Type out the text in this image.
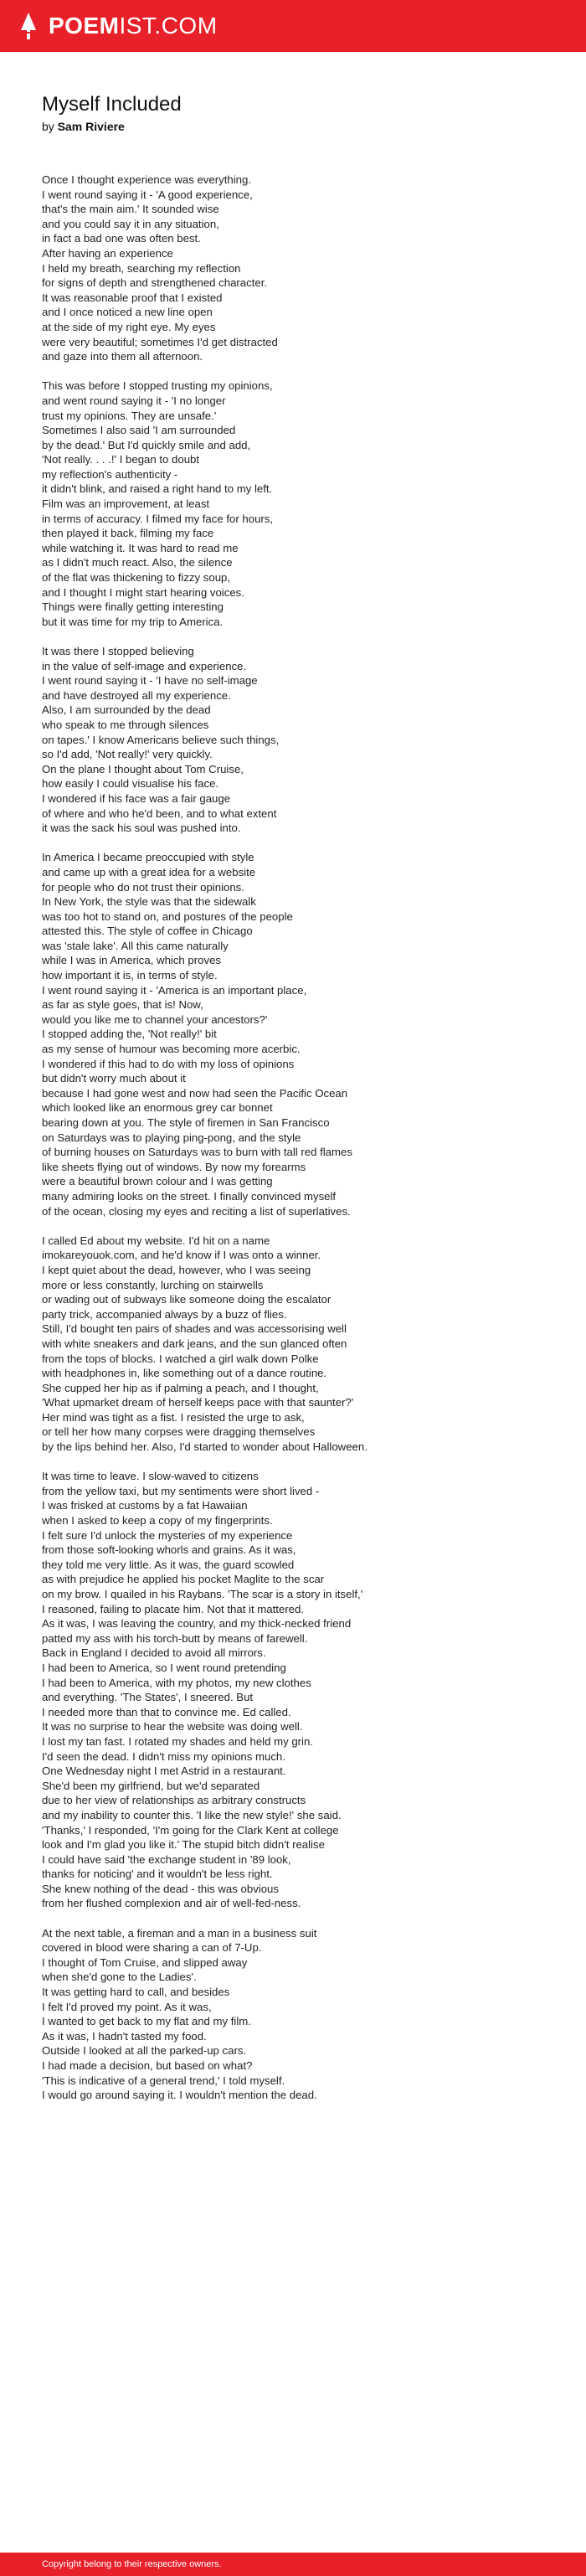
POEMIST.COM
Myself Included
by Sam Riviere
Once I thought experience was everything.
I went round saying it - 'A good experience,
that's the main aim.' It sounded wise
and you could say it in any situation,
in fact a bad one was often best.
After having an experience
I held my breath, searching my reflection
for signs of depth and strengthened character.
It was reasonable proof that I existed
and I once noticed a new line open
at the side of my right eye. My eyes
were very beautiful; sometimes I'd get distracted
and gaze into them all afternoon.
This was before I stopped trusting my opinions,
and went round saying it - 'I no longer
trust my opinions. They are unsafe.'
Sometimes I also said 'I am surrounded
by the dead.' But I'd quickly smile and add,
'Not really. . . .!' I began to doubt
my reflection's authenticity -
it didn't blink, and raised a right hand to my left.
Film was an improvement, at least
in terms of accuracy. I filmed my face for hours,
then played it back, filming my face
while watching it. It was hard to read me
as I didn't much react. Also, the silence
of the flat was thickening to fizzy soup,
and I thought I might start hearing voices.
Things were finally getting interesting
but it was time for my trip to America.
It was there I stopped believing
in the value of self-image and experience.
I went round saying it - 'I have no self-image
and have destroyed all my experience.
Also, I am surrounded by the dead
who speak to me through silences
on tapes.' I know Americans believe such things,
so I'd add, 'Not really!' very quickly.
On the plane I thought about Tom Cruise,
how easily I could visualise his face.
I wondered if his face was a fair gauge
of where and who he'd been, and to what extent
it was the sack his soul was pushed into.
In America I became preoccupied with style
and came up with a great idea for a website
for people who do not trust their opinions.
In New York, the style was that the sidewalk
was too hot to stand on, and postures of the people
attested this. The style of coffee in Chicago
was 'stale lake'. All this came naturally
while I was in America, which proves
how important it is, in terms of style.
I went round saying it - 'America is an important place,
as far as style goes, that is! Now,
would you like me to channel your ancestors?'
I stopped adding the, 'Not really!' bit
as my sense of humour was becoming more acerbic.
I wondered if this had to do with my loss of opinions
but didn't worry much about it
because I had gone west and now had seen the Pacific Ocean
which looked like an enormous grey car bonnet
bearing down at you. The style of firemen in San Francisco
on Saturdays was to playing ping-pong, and the style
of burning houses on Saturdays was to burn with tall red flames
like sheets flying out of windows. By now my forearms
were a beautiful brown colour and I was getting
many admiring looks on the street. I finally convinced myself
of the ocean, closing my eyes and reciting a list of superlatives.
I called Ed about my website. I'd hit on a name
imokareyouok.com, and he'd know if I was onto a winner.
I kept quiet about the dead, however, who I was seeing
more or less constantly, lurching on stairwells
or wading out of subways like someone doing the escalator
party trick, accompanied always by a buzz of flies.
Still, I'd bought ten pairs of shades and was accessorising well
with white sneakers and dark jeans, and the sun glanced often
from the tops of blocks. I watched a girl walk down Polke
with headphones in, like something out of a dance routine.
She cupped her hip as if palming a peach, and I thought,
'What upmarket dream of herself keeps pace with that saunter?'
Her mind was tight as a fist. I resisted the urge to ask,
or tell her how many corpses were dragging themselves
by the lips behind her. Also, I'd started to wonder about Halloween.
It was time to leave. I slow-waved to citizens
from the yellow taxi, but my sentiments were short lived -
I was frisked at customs by a fat Hawaiian
when I asked to keep a copy of my fingerprints.
I felt sure I'd unlock the mysteries of my experience
from those soft-looking whorls and grains. As it was,
they told me very little. As it was, the guard scowled
as with prejudice he applied his pocket Maglite to the scar
on my brow. I quailed in his Raybans. 'The scar is a story in itself,'
I reasoned, failing to placate him. Not that it mattered.
As it was, I was leaving the country, and my thick-necked friend
patted my ass with his torch-butt by means of farewell.
Back in England I decided to avoid all mirrors.
I had been to America, so I went round pretending
I had been to America, with my photos, my new clothes
and everything. 'The States', I sneered. But
I needed more than that to convince me. Ed called.
It was no surprise to hear the website was doing well.
I lost my tan fast. I rotated my shades and held my grin.
I'd seen the dead. I didn't miss my opinions much.
One Wednesday night I met Astrid in a restaurant.
She'd been my girlfriend, but we'd separated
due to her view of relationships as arbitrary constructs
and my inability to counter this. 'I like the new style!' she said.
'Thanks,' I responded, 'I'm going for the Clark Kent at college
look and I'm glad you like it.' The stupid bitch didn't realise
I could have said 'the exchange student in '89 look,
thanks for noticing' and it wouldn't be less right.
She knew nothing of the dead - this was obvious
from her flushed complexion and air of well-fed-ness.
At the next table, a fireman and a man in a business suit
covered in blood were sharing a can of 7-Up.
I thought of Tom Cruise, and slipped away
when she'd gone to the Ladies'.
It was getting hard to call, and besides
I felt I'd proved my point. As it was,
I wanted to get back to my flat and my film.
As it was, I hadn't tasted my food.
Outside I looked at all the parked-up cars.
I had made a decision, but based on what?
'This is indicative of a general trend,' I told myself.
I would go around saying it. I wouldn't mention the dead.
Copyright belong to their respective owners.
